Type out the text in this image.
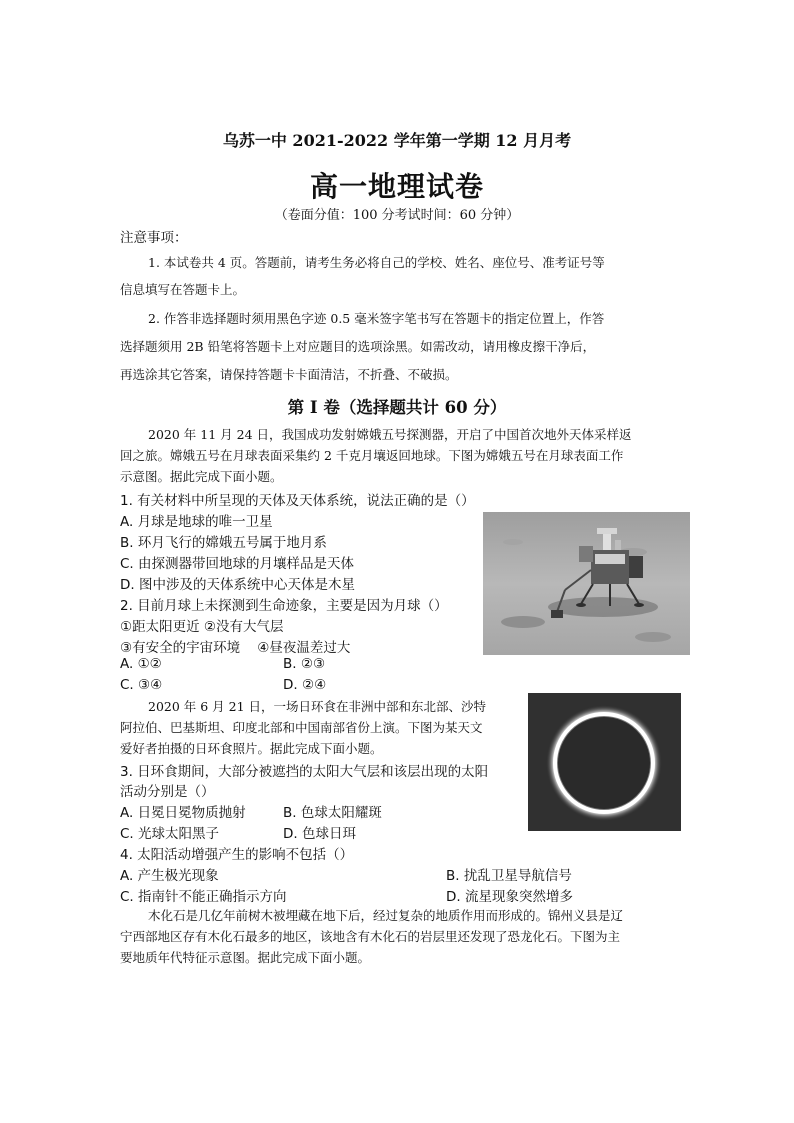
乌苏一中 2021-2022 学年第一学期 12 月月考
高一地理试卷
（卷面分值：100 分考试时间：60 分钟）
注意事项：
1. 本试卷共 4 页。答题前，请考生务必将自己的学校、姓名、座位号、准考证号等
信息填写在答题卡上。
2. 作答非选择题时须用黑色字迹 0.5 毫米签字笔书写在答题卡的指定位置上，作答
选择题须用 2B 铅笔将答题卡上对应题目的选项涂黑。如需改动，请用橡皮擦干净后，
再选涂其它答案，请保持答题卡卡面清洁，不折叠、不破损。
第 I 卷（选择题共计 60 分）
2020 年 11 月 24 日，我国成功发射嫦娥五号探测器，开启了中国首次地外天体采样返
回之旅。嫦娥五号在月球表面采集约 2 千克月壤返回地球。下图为嫦娥五号在月球表面工作
示意图。据此完成下面小题。
1. 有关材料中所呈现的天体及天体系统，说法正确的是（）
A. 月球是地球的唯一卫星
B. 环月飞行的嫦娥五号属于地月系
C. 由探测器带回地球的月壤样品是天体
D. 图中涉及的天体系统中心天体是木星
2. 目前月球上未探测到生命迹象，主要是因为月球（）
①距太阳更近 ②没有大气层
③有安全的宇宙环境    ④昼夜温差过大
A. ①②	B. ②③
C. ③④	D. ②④
2020 年 6 月 21 日，一场日环食在非洲中部和东北部、沙特
阿拉伯、巴基斯坦、印度北部和中国南部省份上演。下图为某天文
爱好者拍摄的日环食照片。据此完成下面小题。
3. 日环食期间，大部分被遮挡的太阳大气层和该层出现的太阳
活动分别是（）
A. 日冕日冕物质抛射	B. 色球太阳耀斑
C. 光球太阳黑子	D. 色球日珥
4. 太阳活动增强产生的影响不包括（）
A. 产生极光现象	B. 扰乱卫星导航信号
C. 指南针不能正确指示方向	D. 流星现象突然增多
木化石是几亿年前树木被埋藏在地下后，经过复杂的地质作用而形成的。锦州义县是辽
宁西部地区存有木化石最多的地区，该地含有木化石的岩层里还发现了恐龙化石。下图为主
要地质年代特征示意图。据此完成下面小题。
